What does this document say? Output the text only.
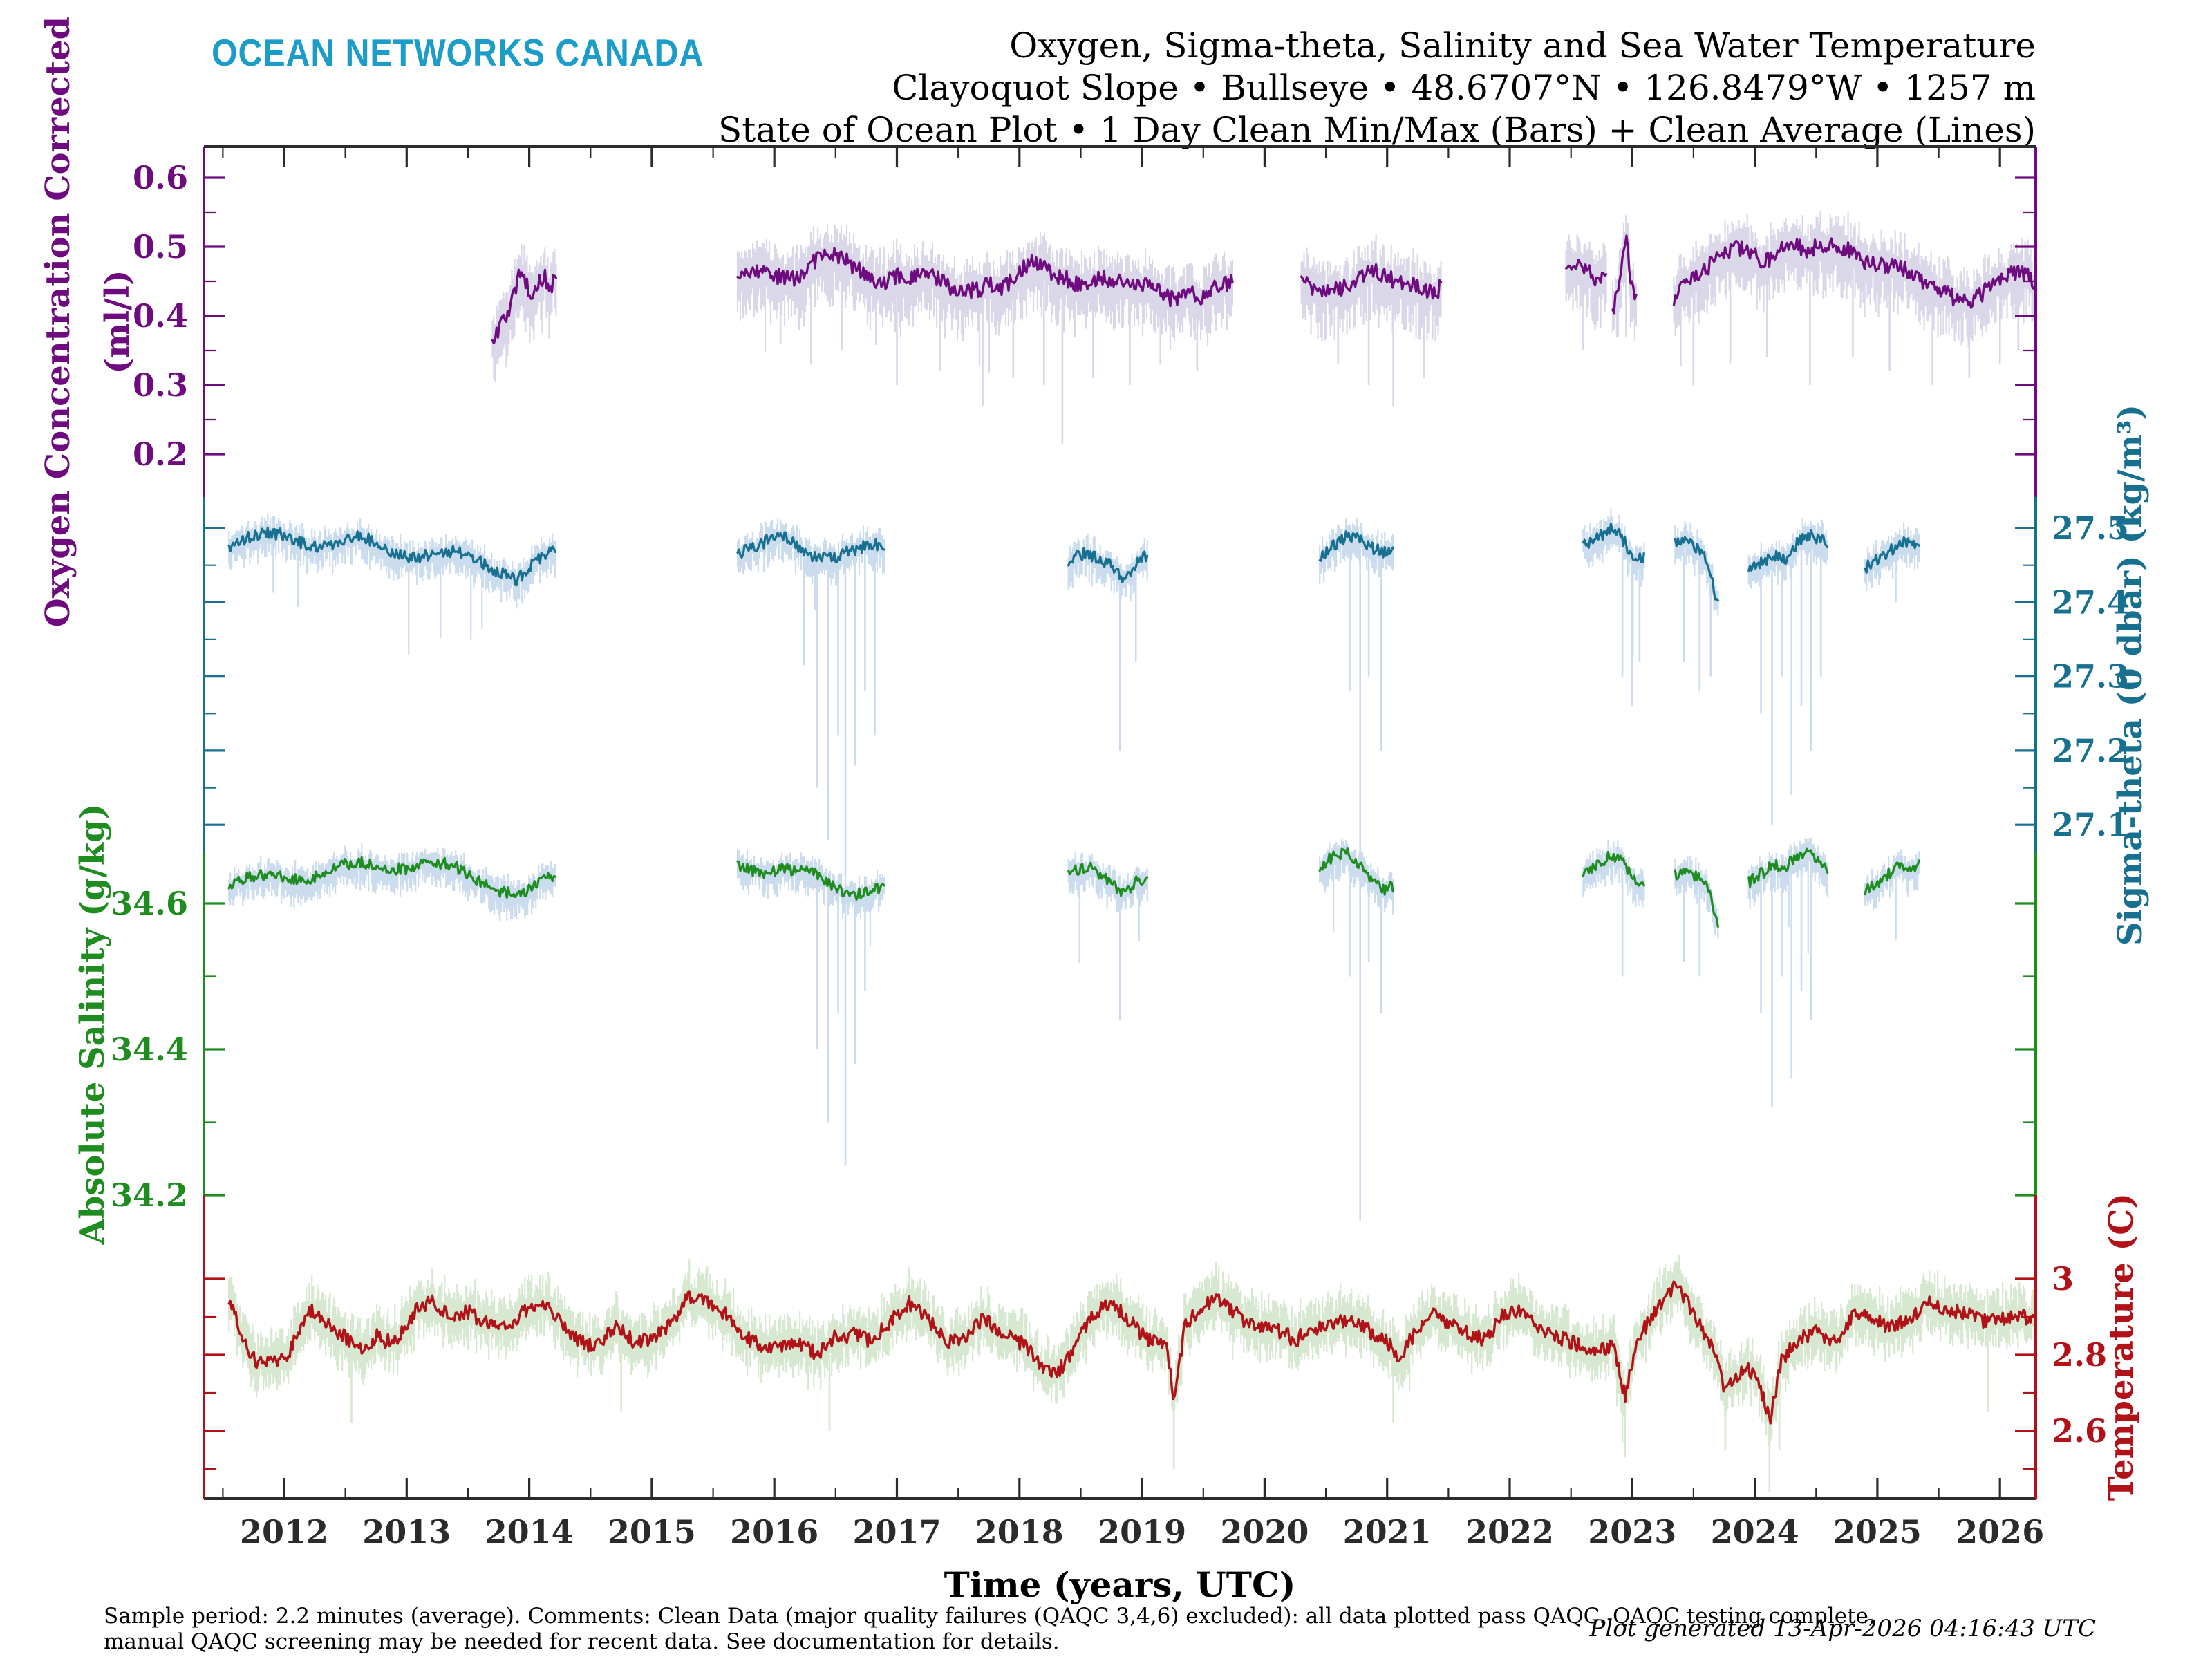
OCEAN NETWORKS CANADA	Oxygen, Sigma-theta, Salinity and Sea Water Temperature
Clayoquot Slope • Bullseye • 48.6707°N • 126.8479°W • 1257 m
State of Ocean Plot • 1 Day Clean Min/Max (Bars) + Clean Average (Lines)
2012 2013 2014 2015 2016 2017 2018 2019 2020 2021 2022 2023 2024 2025 2026
Time (years, UTC)
0.6
0.5
0.4
0.3
0.2
Oxygen Concentration Corrected (ml/l)
27.5
27.4
27.3
27.2
27.1
Sigma-theta (0 dbar) (kg/m³)
34.6
34.4
34.2
Absolute Salinity (g/kg)
3
2.8
2.6
Temperature (C)
Sample period: 2.2 minutes (average). Comments: Clean Data (major quality failures (QAQC 3,4,6) excluded): all data plotted pass QAQC. QAQC testing complete,
manual QAQC screening may be needed for recent data. See documentation for details.	Plot generated 13-Apr-2026 04:16:43 UTC
